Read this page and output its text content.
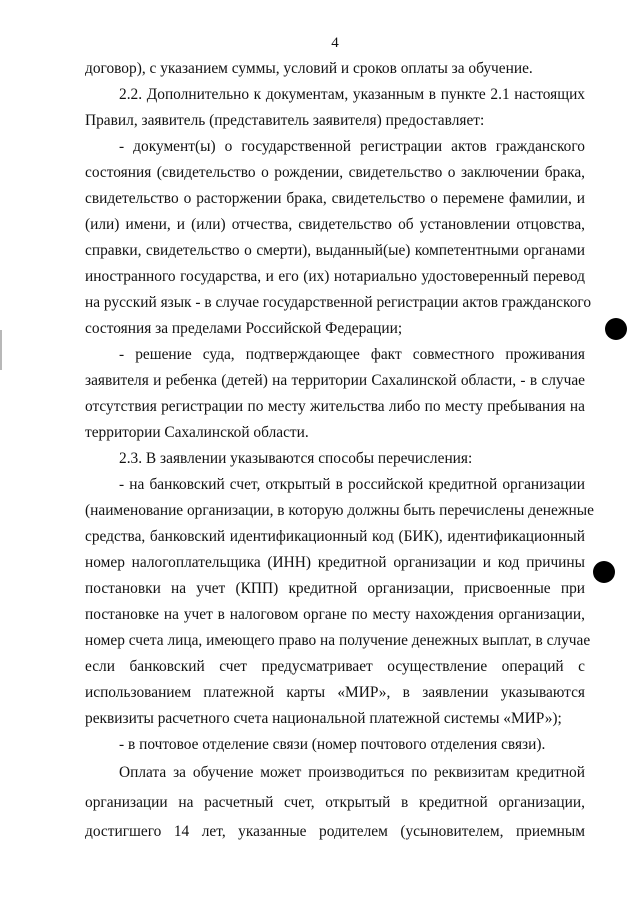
4
договор), с указанием суммы, условий и сроков оплаты за обучение.
2.2. Дополнительно к документам, указанным в пункте 2.1 настоящих
Правил, заявитель (представитель заявителя) предоставляет:
- документ(ы) о государственной регистрации актов гражданского
состояния (свидетельство о рождении, свидетельство о заключении брака,
свидетельство о расторжении брака, свидетельство о перемене фамилии, и
(или) имени, и (или) отчества, свидетельство об установлении отцовства,
справки, свидетельство о смерти), выданный(ые) компетентными органами
иностранного государства, и его (их) нотариально удостоверенный перевод
на русский язык - в случае государственной регистрации актов гражданского
состояния за пределами Российской Федерации;
- решение суда, подтверждающее факт совместного проживания
заявителя и ребенка (детей) на территории Сахалинской области, - в случае
отсутствия регистрации по месту жительства либо по месту пребывания на
территории Сахалинской области.
2.3. В заявлении указываются способы перечисления:
- на банковский счет, открытый в российской кредитной организации
(наименование организации, в которую должны быть перечислены денежные
средства, банковский идентификационный код (БИК), идентификационный
номер налогоплательщика (ИНН) кредитной организации и код причины
постановки на учет (КПП) кредитной организации, присвоенные при
постановке на учет в налоговом органе по месту нахождения организации,
номер счета лица, имеющего право на получение денежных выплат, в случае
если банковский счет предусматривает осуществление операций с
использованием платежной карты «МИР», в заявлении указываются
реквизиты расчетного счета национальной платежной системы «МИР»);
- в почтовое отделение связи (номер почтового отделения связи).
Оплата за обучение может производиться по реквизитам кредитной
организации на расчетный счет, открытый в кредитной организации,
достигшего 14 лет, указанные родителем (усыновителем, приемным
